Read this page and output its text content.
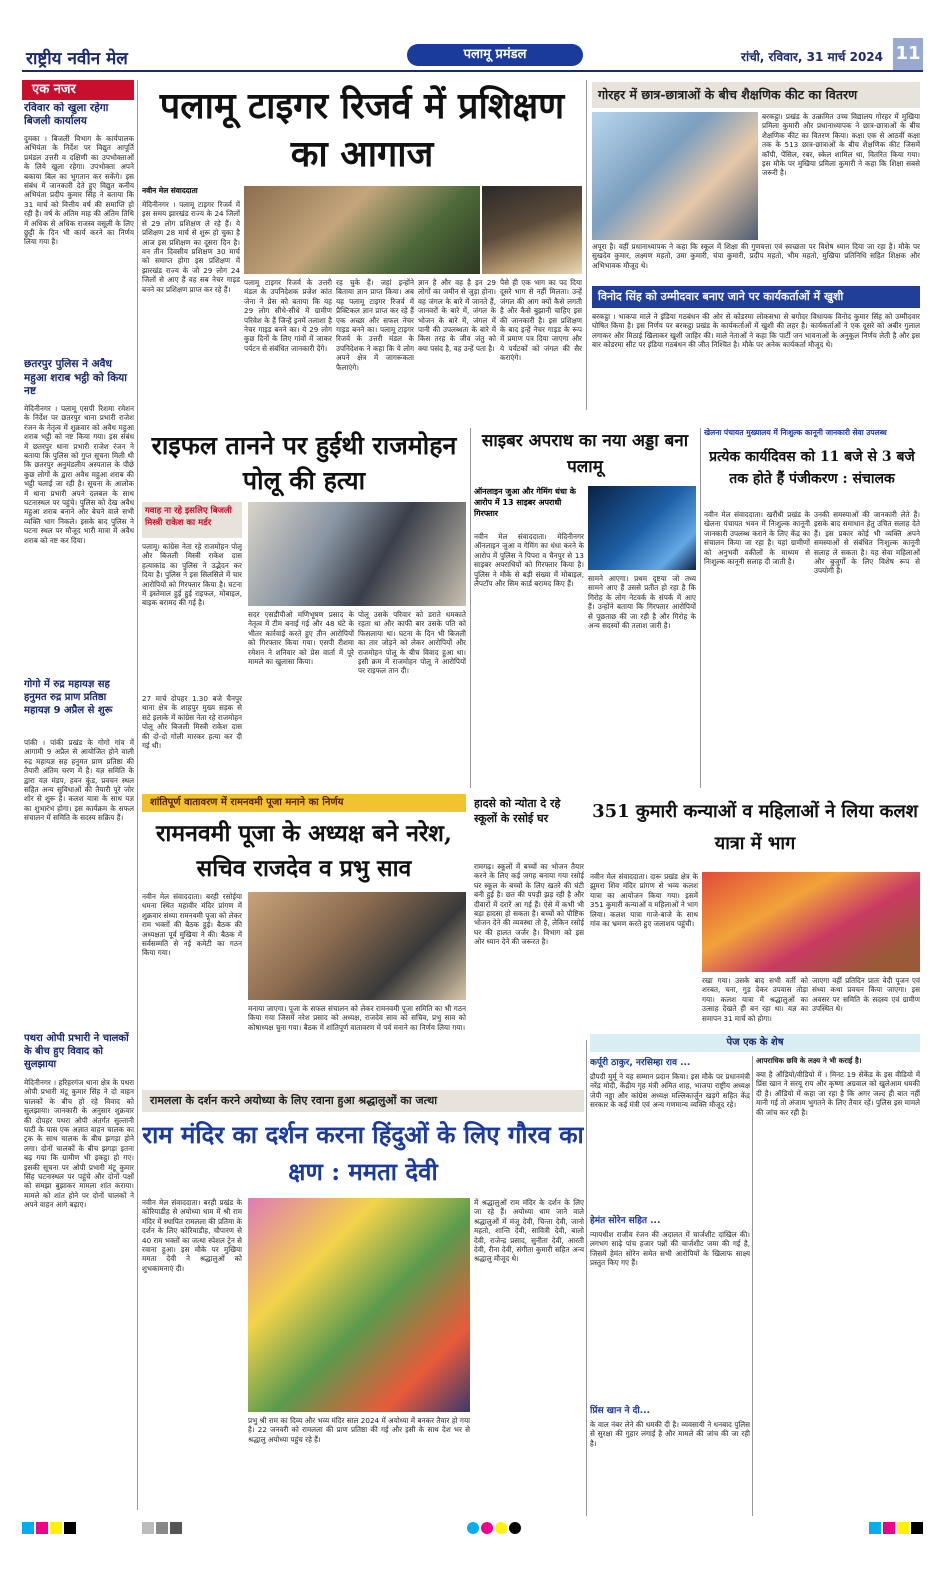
राष्ट्रीय नवीन मेल	पलामू प्रमंडल	रांची, रविवार, 31 मार्च 2024 11
एक नजर
रविवार को खुला रहेगा बिजली कार्यालय
दुमका । बिजली विभाग के कार्यपालक अभियंता के निर्देश पर विद्युत आपूर्ति प्रमंडल उत्तरी व दक्षिणी का उपभोक्ताओं के लिये खुला रहेगा। उपभोक्ता अपने बकाया बिल का भुगतान कर सकेंगे। इस संबंध में जानकारी देते हुए विद्युत कनीय अभियंता प्रदीप कुमार सिंह ने बताया कि 31 मार्च को वित्तीय वर्ष की समाप्ति हो रही है। वर्ष के अंतिम माह की अंतिम तिथि में अधिक से अधिक राजस्व वसूली के लिए छुट्टी के दिन भी कार्य करने का निर्णय लिया गया है।
छतरपुर पुलिस ने अवैध महुआ शराब भट्ठी को किया नष्ट
मेदिनीनगर । पलामू एसपी रिशमा रमेशन के निर्देश पर छतरपुर थाना प्रभारी राजेश रंजन के नेतृत्व में शुक्रवार को अवैध महुआ शराब भट्ठी को नष्ट किया गया। इस संबंध में छतरपुर थाना प्रभारी राजेश रंजन ने बताया कि पुलिस को गुप्त सूचना मिली थी कि छतरपुर अनुमंडलीय अस्पताल के पीछे कुछ लोगों के द्वारा अवैध महुआ शराब की भट्ठी चलाई जा रही है। सूचना के आलोक में थाना प्रभारी अपने दलबल के साथ घटनास्थल पर पहुंचे। पुलिस को देख अवैध महुआ शराब बनाने और बेचने वाले सभी व्यक्ति भाग निकले। इसके बाद पुलिस ने घटना स्थल पर मौजूद भारी मात्रा में अवैध शराब को नष्ट कर दिया।
गोगो में रुद्र महायज्ञ सह हनुमत रुद्र प्राण प्रतिष्ठा महायज्ञ 9 अप्रैल से शुरू
पांकी । पांकी प्रखंड के गोगो गांव में आगामी 9 अप्रैल से आयोजित होने वाली रुद्र महायज्ञ सह हनुमत प्राण प्रतिष्ठा की तैयारी अंतिम चरण में है। यज्ञ समिति के द्वारा यज्ञ मंडप, हवन कुंड, प्रवचन स्थल सहित अन्य सुविधाओं की तैयारी पूरे जोर शोर से शुरू है। कलश यात्रा के साथ यज्ञ का शुभारंभ होगा। इस कार्यक्रम के सफल संचालन में समिति के सदस्य सक्रिय हैं।
पथरा ओपी प्रभारी ने चालकों के बीच हुए विवाद को सुलझाया
मेदिनीनगर । हरिहरगंज थाना क्षेत्र के पथरा ओपी प्रभारी मंटू कुमार सिंह ने दो वाहन चालकों के बीच हो रहे विवाद को सुलझाया। जानकारी के अनुसार शुक्रवार की दोपहर पथरा ओपी अंतर्गत सुल्तानी घाटी के पास एक अज्ञात वाहन चालक का ट्रक के साथ चालक के बीच झगड़ा होने लगा। दोनों चालकों के बीच झगड़ा इतना बढ़ गया कि ग्रामीण भी इकट्ठा हो गए। इसकी सूचना पर ओपी प्रभारी मंटू कुमार सिंह घटनास्थल पर पहुंचे और दोनों पक्षों को समझा बुझाकर मामला शांत कराया। मामले को शांत होने पर दोनों चालकों ने अपने वाहन आगे बढ़ाए।
पलामू टाइगर रिजर्व में प्रशिक्षण का आगाज
नवीन मेल संवाददाता
मेदिनीनगर । पलामू टाइगर रिजर्व में इस समय झारखंड राज्य के 24 जिलों से 29 लोग प्रशिक्षण ले रहे हैं। ये प्रशिक्षण 28 मार्च से शुरू हो चुका है आज इस प्रशिक्षण का दूसरा दिन है। वन तीन दिवसीय प्रशिक्षण 30 मार्च को समाप्त होगा इस प्रशिक्षण में झारखंड राज्य के जो 29 लोग 24 जिलों से आए हैं वह सब नेचर गाइड बनने का प्रशिक्षण प्राप्त कर रहे हैं।
पलामू टाइगर रिजर्व के उत्तरी मंडल के उपनिदेशक प्रजेश कांत जेना ने प्रेस को बताया कि यह 29 लोग सीधे-सीधे में ग्रामीण परिवेश के हैं जिन्हें इनमें तलाशा है नेचर गाइड बनने का। ये 29 लोग कुछ दिनों के लिए गांवों में जाकर पर्यटन से संबंधित जानकारी देंगे।
रह चुके हैं। जहां इन्होंने बिताया ज्ञान प्राप्त किया। अब यह पलामू टाइगर रिजर्व में प्रैक्टिकल ज्ञान प्राप्त कर रहे हैं एक अच्छा और सफल नेचर गाइड बनने का। पलामू टाइगर रिजर्व के उत्तरी मंडल के उपनिदेशक ने कहा कि ये लोग अपने क्षेत्र में जागरूकता फैलाएंगे।
ज्ञान है और वह है इन 29 लोगों का जमीन से जुड़ा होना। वह जंगल के बारे में जानते हैं, जानवरों के बारे में, जंगल के भोजन के बारे में, जंगल में पानी की उपलब्धता के बारे में किस तरह के जीव जंतु को क्या पसंद है, वह उन्हें पता है।
पैसे ही एक भाग का पद दिया दूसरे भाग से नहीं मिलता। उन्हें जंगल की आग क्यों कैसे लगती है और कैसे बुझानी चाहिए इस की जानकारी है। इस प्रशिक्षण के बाद इन्हें नेचर गाइड के रूप में प्रमाण पत्र दिया जाएगा और ये पर्यटकों को जंगल की सैर कराएंगे।
गोरहर में छात्र-छात्राओं के बीच शैक्षणिक कीट का वितरण
बरकट्ठा। प्रखंड के उत्क्रमित उच्च विद्यालय गोरहर में मुखिया प्रमिला कुमारी और प्रधानाध्यापक ने छात्र-छात्राओं के बीच शैक्षणिक कीट का वितरण किया। कक्षा एक से आठवीं कक्षा तक के 513 छात्र-छात्राओं के बीच शैक्षणिक कीट जिसमें कॉपी, पेंसिल, रबर, स्केल शामिल था, वितरित किया गया। इस मौके पर मुखिया प्रमिला कुमारी ने कहा कि शिक्षा सबसे जरूरी है।
अपूरा है। वहीं प्रधानाध्यापक ने कहा कि स्कूल में शिक्षा की गुणवत्ता एवं स्वच्छता पर विशेष ध्यान दिया जा रहा है। मौके पर सुखदेव कुमार, लक्ष्मण महतो, उमा कुमारी, चंपा कुमारी, प्रदीप महतो, भीम महतो, मुखिया प्रतिनिधि सहित शिक्षक और अभिभावक मौजूद थे।
विनोद सिंह को उम्मीदवार बनाए जाने पर कार्यकर्ताओं में खुशी
बरकट्ठा । भाकपा माले ने इंडिया गठबंधन की ओर से कोडरमा लोकसभा से बगोदर विधायक विनोद कुमार सिंह को उम्मीदवार घोषित किया है। इस निर्णय पर बरकट्ठा प्रखंड के कार्यकर्ताओं में खुशी की लहर है। कार्यकर्ताओं ने एक दूसरे को अबीर गुलाल लगाकर और मिठाई खिलाकर खुशी जाहिर की। माले नेताओं ने कहा कि पार्टी जन भावनाओं के अनुकूल निर्णय लेती है और इस बार कोडरमा सीट पर इंडिया गठबंधन की जीत निश्चित है। मौके पर अनेक कार्यकर्ता मौजूद थे।
राइफल तानने पर हुईथी राजमोहन पोलू की हत्या
गवाह ना रहे इसलिए बिजली मिस्त्री राकेश का मर्डर
पलामू। कांग्रेस नेता रहे राजमोहन पोलू और बिजली मिस्त्री राकेश दास हत्याकांड का पुलिस ने उद्भेदन कर दिया है। पुलिस ने इस सिलसिले में चार आरोपियों को गिरफ्तार किया है। घटना में इस्तेमाल हुई हुई राइफल, मोबाइल, बाइक बरामद की गई है।
27 मार्च दोपहर 1.30 बजे चैनपुर थाना क्षेत्र के शाहपुर मुख्य सड़क से सटे इलाके में कांग्रेस नेता रहे राजमोहन पोलू और बिजली मिस्त्री राकेश दास की दो-दो गोली मारकर हत्या कर दी गई थी।
सदर एसडीपीओ मणिभूषण प्रसाद के नेतृत्व में टीम बनाई गई और 48 घंटे के भीतर कार्रवाई करते हुए तीन आरोपियों को गिरफ्तार किया गया। एसपी रीशमा रमेशन ने शनिवार को प्रेस वार्ता में पूरे मामले का खुलासा किया।
पोलू उसके परिवार को डराते धमकाते रहता था और काफी बार उसके पति को फिसलाया था। घटना के दिन भी बिजली का तार जोड़ने को लेकर आरोपियों और राजमोहन पोलू के बीच विवाद हुआ था। इसी क्रम में राजमोहन पोलू ने आरोपियों पर राइफल तान दी।
साइबर अपराध का नया अड्डा बना पलामू
ऑनलाइन जुआ और गेमिंग धंधा के आरोप में 13 साइबर अपराधी गिरफ्तार
नवीन मेल संवाददाता। मेदिनीनगर ऑनलाइन जुआ व गेमिंग का धंधा करने के आरोप में पुलिस ने पिपरा व चैनपुर से 13 साइबर अपराधियों को गिरफ्तार किया है। पुलिस ने मौके से बड़ी संख्या में मोबाइल, लैपटॉप और सिम कार्ड बरामद किए हैं।
सामने आएगा। प्रथम दृष्टया जो तथ्य सामने आए हैं उससे प्रतीत हो रहा है कि गिरोह के लोग नेटवर्क के संपर्क में आए हैं। उन्होंने बताया कि गिरफ्तार आरोपियों से पूछताछ की जा रही है और गिरोह के अन्य सदस्यों की तलाश जारी है।
खेलना पंचायत मुख्यालय में निःशुल्क कानूनी जानकारी सेवा उपलब्ध
प्रत्येक कार्यदिवस को 11 बजे से 3 बजे तक होते हैं पंजीकरण : संचालक
नवीन मेल संवाददाता। खरौंधी प्रखंड के खेलना पंचायत भवन में निःशुल्क कानूनी जानकारी उपलब्ध कराने के लिए केंद्र का संचालन किया जा रहा है। यहां ग्रामीणों को अनुभवी वकीलों के माध्यम से निःशुल्क कानूनी सलाह दी जाती है।
उनकी समस्याओं की जानकारी लेते हैं। इसके बाद समाधान हेतु उचित सलाह देते हैं। इस प्रकार कोई भी व्यक्ति अपने समस्याओं से संबंधित निःशुल्क कानूनी सलाह ले सकता है। यह सेवा महिलाओं और बुजुर्गों के लिए विशेष रूप से उपयोगी है।
शांतिपूर्ण वातावरण में रामनवमी पूजा मनाने का निर्णय
रामनवमी पूजा के अध्यक्ष बने नरेश, सचिव राजदेव व प्रभु साव
नवीन मेल संवाददाता। बरही रसोईया धमना स्थित महावीर मंदिर प्रांगण में शुक्रवार संध्या रामनवमी पूजा को लेकर राम भक्तों की बैठक हुई। बैठक की अध्यक्षता पूर्व मुखिया ने की। बैठक में सर्वसम्मति से नई कमेटी का गठन किया गया।
मनाया जाएगा। पूजा के सफल संचालन को लेकर रामनवमी पूजा समिति का भी गठन किया गया जिसमें नरेश प्रसाद को अध्यक्ष, राजदेव साव को सचिव, प्रभु साव को कोषाध्यक्ष चुना गया। बैठक में शांतिपूर्ण वातावरण में पर्व मनाने का निर्णय लिया गया।
हादसे को न्योता दे रहे स्कूलों के रसोई घर
रामगढ़। स्कूलों में बच्चों का भोजन तैयार करने के लिए कई जगह बनाया गया रसोई घर स्कूल के बच्चों के लिए खतरे की घंटी बनी हुई है। छत की पपड़ी झड़ रही है और दीवारों में दरारें आ गई हैं। ऐसे में कभी भी बड़ा हादसा हो सकता है। बच्चों को पौष्टिक भोजन देने की व्यवस्था तो है, लेकिन रसोई घर की हालत जर्जर है। विभाग को इस ओर ध्यान देने की जरूरत है।
351 कुमारी कन्याओं व महिलाओं ने लिया कलश यात्रा में भाग
नवीन मेल संवाददाता। दारू प्रखंड क्षेत्र के झुमरा शिव मंदिर प्रांगण से भव्य कलश यात्रा का आयोजन किया गया। इसमें 351 कुमारी कन्याओं व महिलाओं ने भाग लिया। कलश यात्रा गाजे-बाजे के साथ गांव का भ्रमण करते हुए जलाशय पहुंची।
रखा गया। उसके बाद सभी वर्ती को शरबत, चना, गुड़ देकर उपवास तोड़ा गया। कलश यात्रा में श्रद्धालुओं का उत्साह देखते ही बन रहा था। यज्ञ का समापन 31 मार्च को होगा।
जाएगा वहीं प्रतिदिन प्रातः वेदी पूजन एवं संध्या कथा प्रवचन किया जाएगा। इस अवसर पर समिति के सदस्य एवं ग्रामीण उपस्थित थे।
पेज एक के शेष
कर्पूरी ठाकुर, नरसिम्हा राव ...
द्रौपदी मुर्मू ने यह सम्मान प्रदान किया। इस मौके पर प्रधानमंत्री नरेंद्र मोदी, केंद्रीय गृह मंत्री अमित शाह, भाजपा राष्ट्रीय अध्यक्ष जेपी नड्डा और कांग्रेस अध्यक्ष मल्लिकार्जुन खड़गे सहित केंद्र सरकार के कई मंत्री एवं अन्य गणमान्य व्यक्ति मौजूद रहे।
हेमंत सोरेन सहित ...
न्यायधीश राजीव रंजन की अदालत में चार्जशीट दाखिल की। लगभग साढ़े पांच हजार पन्नों की चार्जशीट जमा की गई है, जिसमें हेमंत सोरेन समेत सभी आरोपियों के खिलाफ साक्ष्य प्रस्तुत किए गए हैं।
प्रिंस खान ने दी...
के वाल नंबर लेने की धमकी दी है। व्यवसायी ने धनबाद पुलिस से सुरक्षा की गुहार लगाई है और मामले की जांच की जा रही है।
आपराधिक छवि के लक्ष्य ने भी कराई है।
क्या है ऑडियो/वीडियो में । मिनट 19 सेकेंड के इस वीडियो में प्रिंस खान ने सरयू राय और कृष्णा अग्रवाल को खुलेआम धमकी दी है। ऑडियो में कहा जा रहा है कि अगर जल्द ही बात नहीं मानी गई तो अंजाम भुगतने के लिए तैयार रहें। पुलिस इस मामले की जांच कर रही है।
रामलला के दर्शन करने अयोध्या के लिए रवाना हुआ श्रद्धालुओं का जत्था
राम मंदिर का दर्शन करना हिंदुओं के लिए गौरव का क्षण : ममता देवी
नवीन मेल संवाददाता। बरही प्रखंड के कोरियाडीह से अयोध्या धाम में श्री राम मंदिर में स्थापित रामलला की प्रतिमा के दर्शन के लिए कोरियाडीह, चौपारण से 40 राम भक्तों का जत्था स्पेशल ट्रेन से रवाना हुआ। इस मौके पर मुखिया ममता देवी ने श्रद्धालुओं को शुभकामनाएं दी।
प्रभु श्री राम का दिव्य और भव्य मंदिर साल 2024 में अयोध्या में बनकर तैयार हो गया है। 22 जनवरी को रामलला की प्राण प्रतिष्ठा की गई और इसी के साथ देश भर से श्रद्धालु अयोध्या पहुंच रहे हैं।
में श्रद्धालुओं राम मंदिर के दर्शन के लिए जा रहे हैं। अयोध्या धाम जाने वाले श्रद्धालुओं में मंजू देवी, चिन्ता देवी, जानो महतो, शान्ति देवी, सावित्री देवी, बालो देवी, राजेन्द्र प्रसाद, सुनीता देवी, आरती देवी, रीना देवी, संगीता कुमारी सहित अन्य श्रद्धालु मौजूद थे।
